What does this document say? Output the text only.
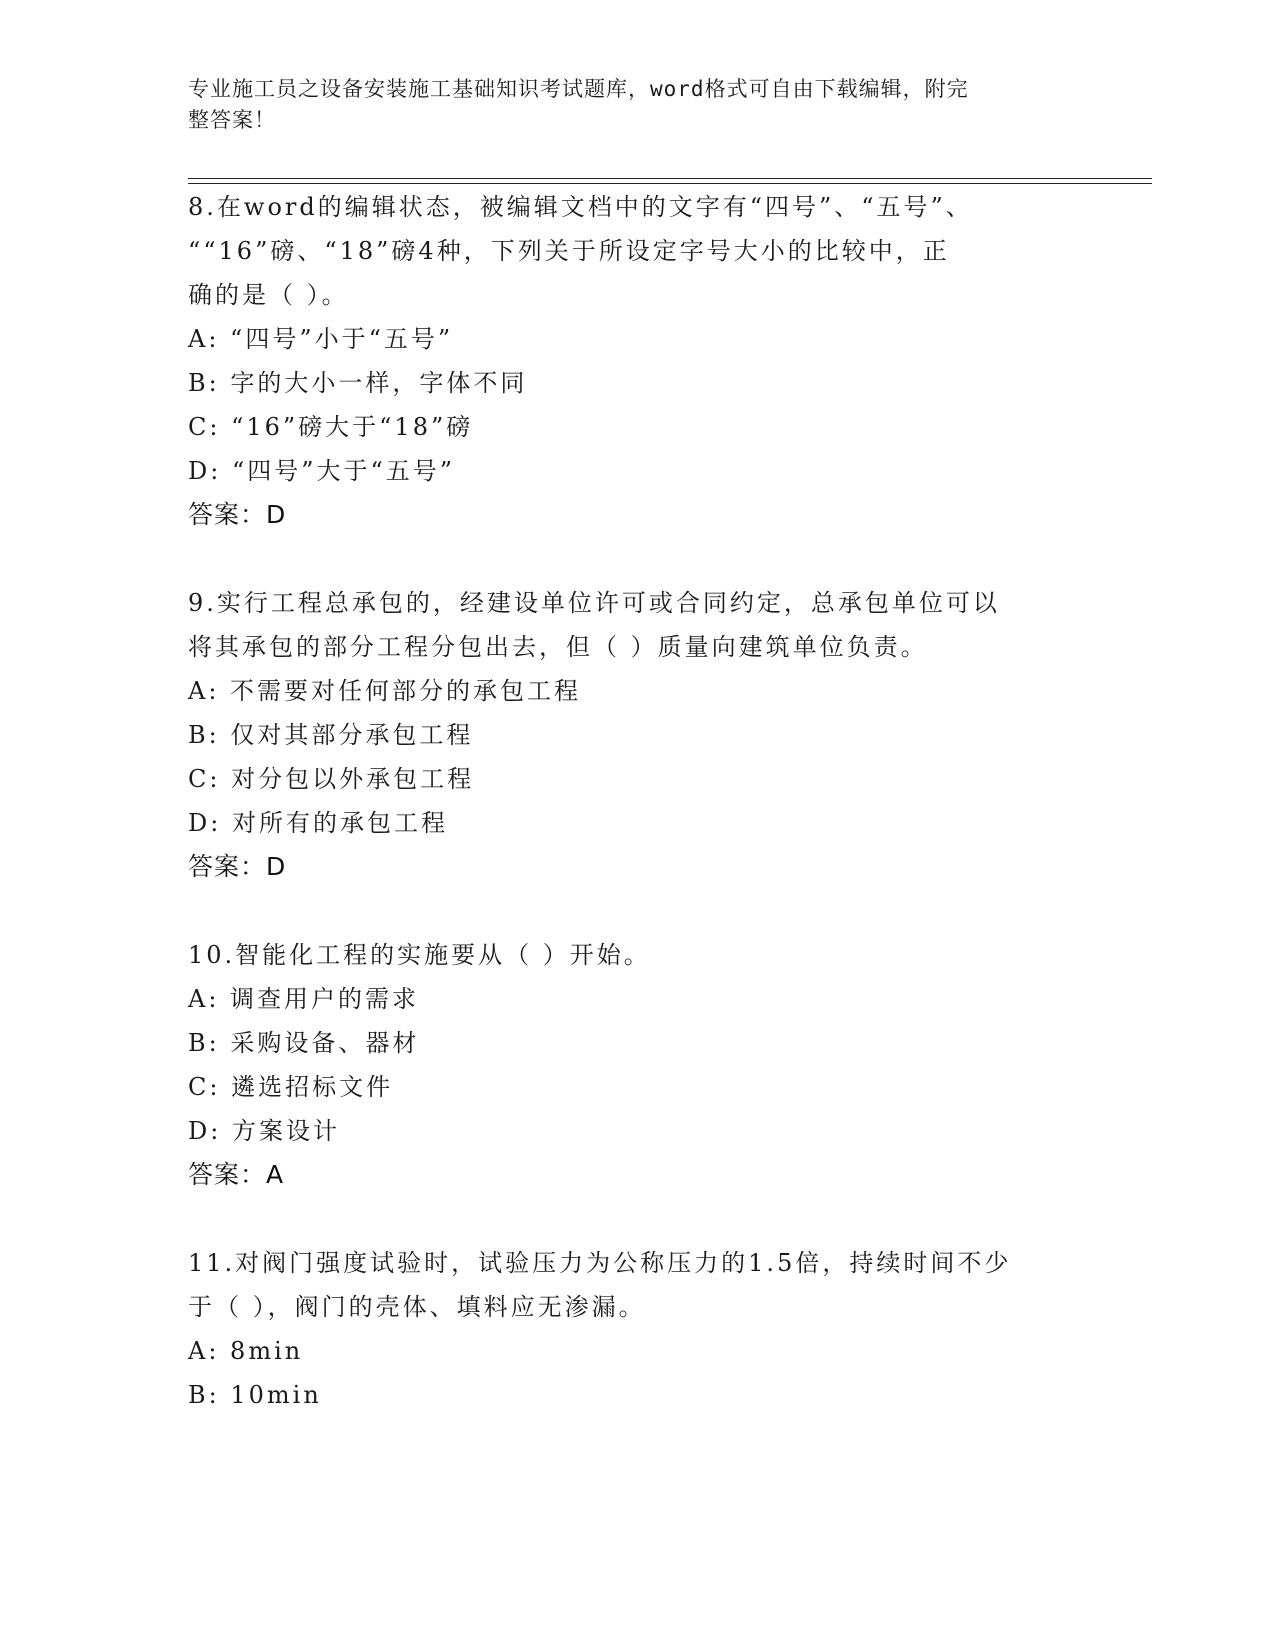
专业施工员之设备安装施工基础知识考试题库，word格式可自由下载编辑，附完
整答案！
8.在word的编辑状态，被编辑文档中的文字有“四号”、“五号”、
““16”磅、“18”磅4种，下列关于所设定字号大小的比较中，正
确的是（ ）。
A: “四号”小于“五号”
B: 字的大小一样，字体不同
C: “16”磅大于“18”磅
D: “四号”大于“五号”
答案：D
9.实行工程总承包的，经建设单位许可或合同约定，总承包单位可以
将其承包的部分工程分包出去，但（ ）质量向建筑单位负责。
A: 不需要对任何部分的承包工程
B: 仅对其部分承包工程
C: 对分包以外承包工程
D: 对所有的承包工程
答案：D
10.智能化工程的实施要从（ ）开始。
A: 调查用户的需求
B: 采购设备、器材
C: 遴选招标文件
D: 方案设计
答案：A
11.对阀门强度试验时，试验压力为公称压力的1.5倍，持续时间不少
于（ ），阀门的壳体、填料应无渗漏。
A: 8min
B: 10min
